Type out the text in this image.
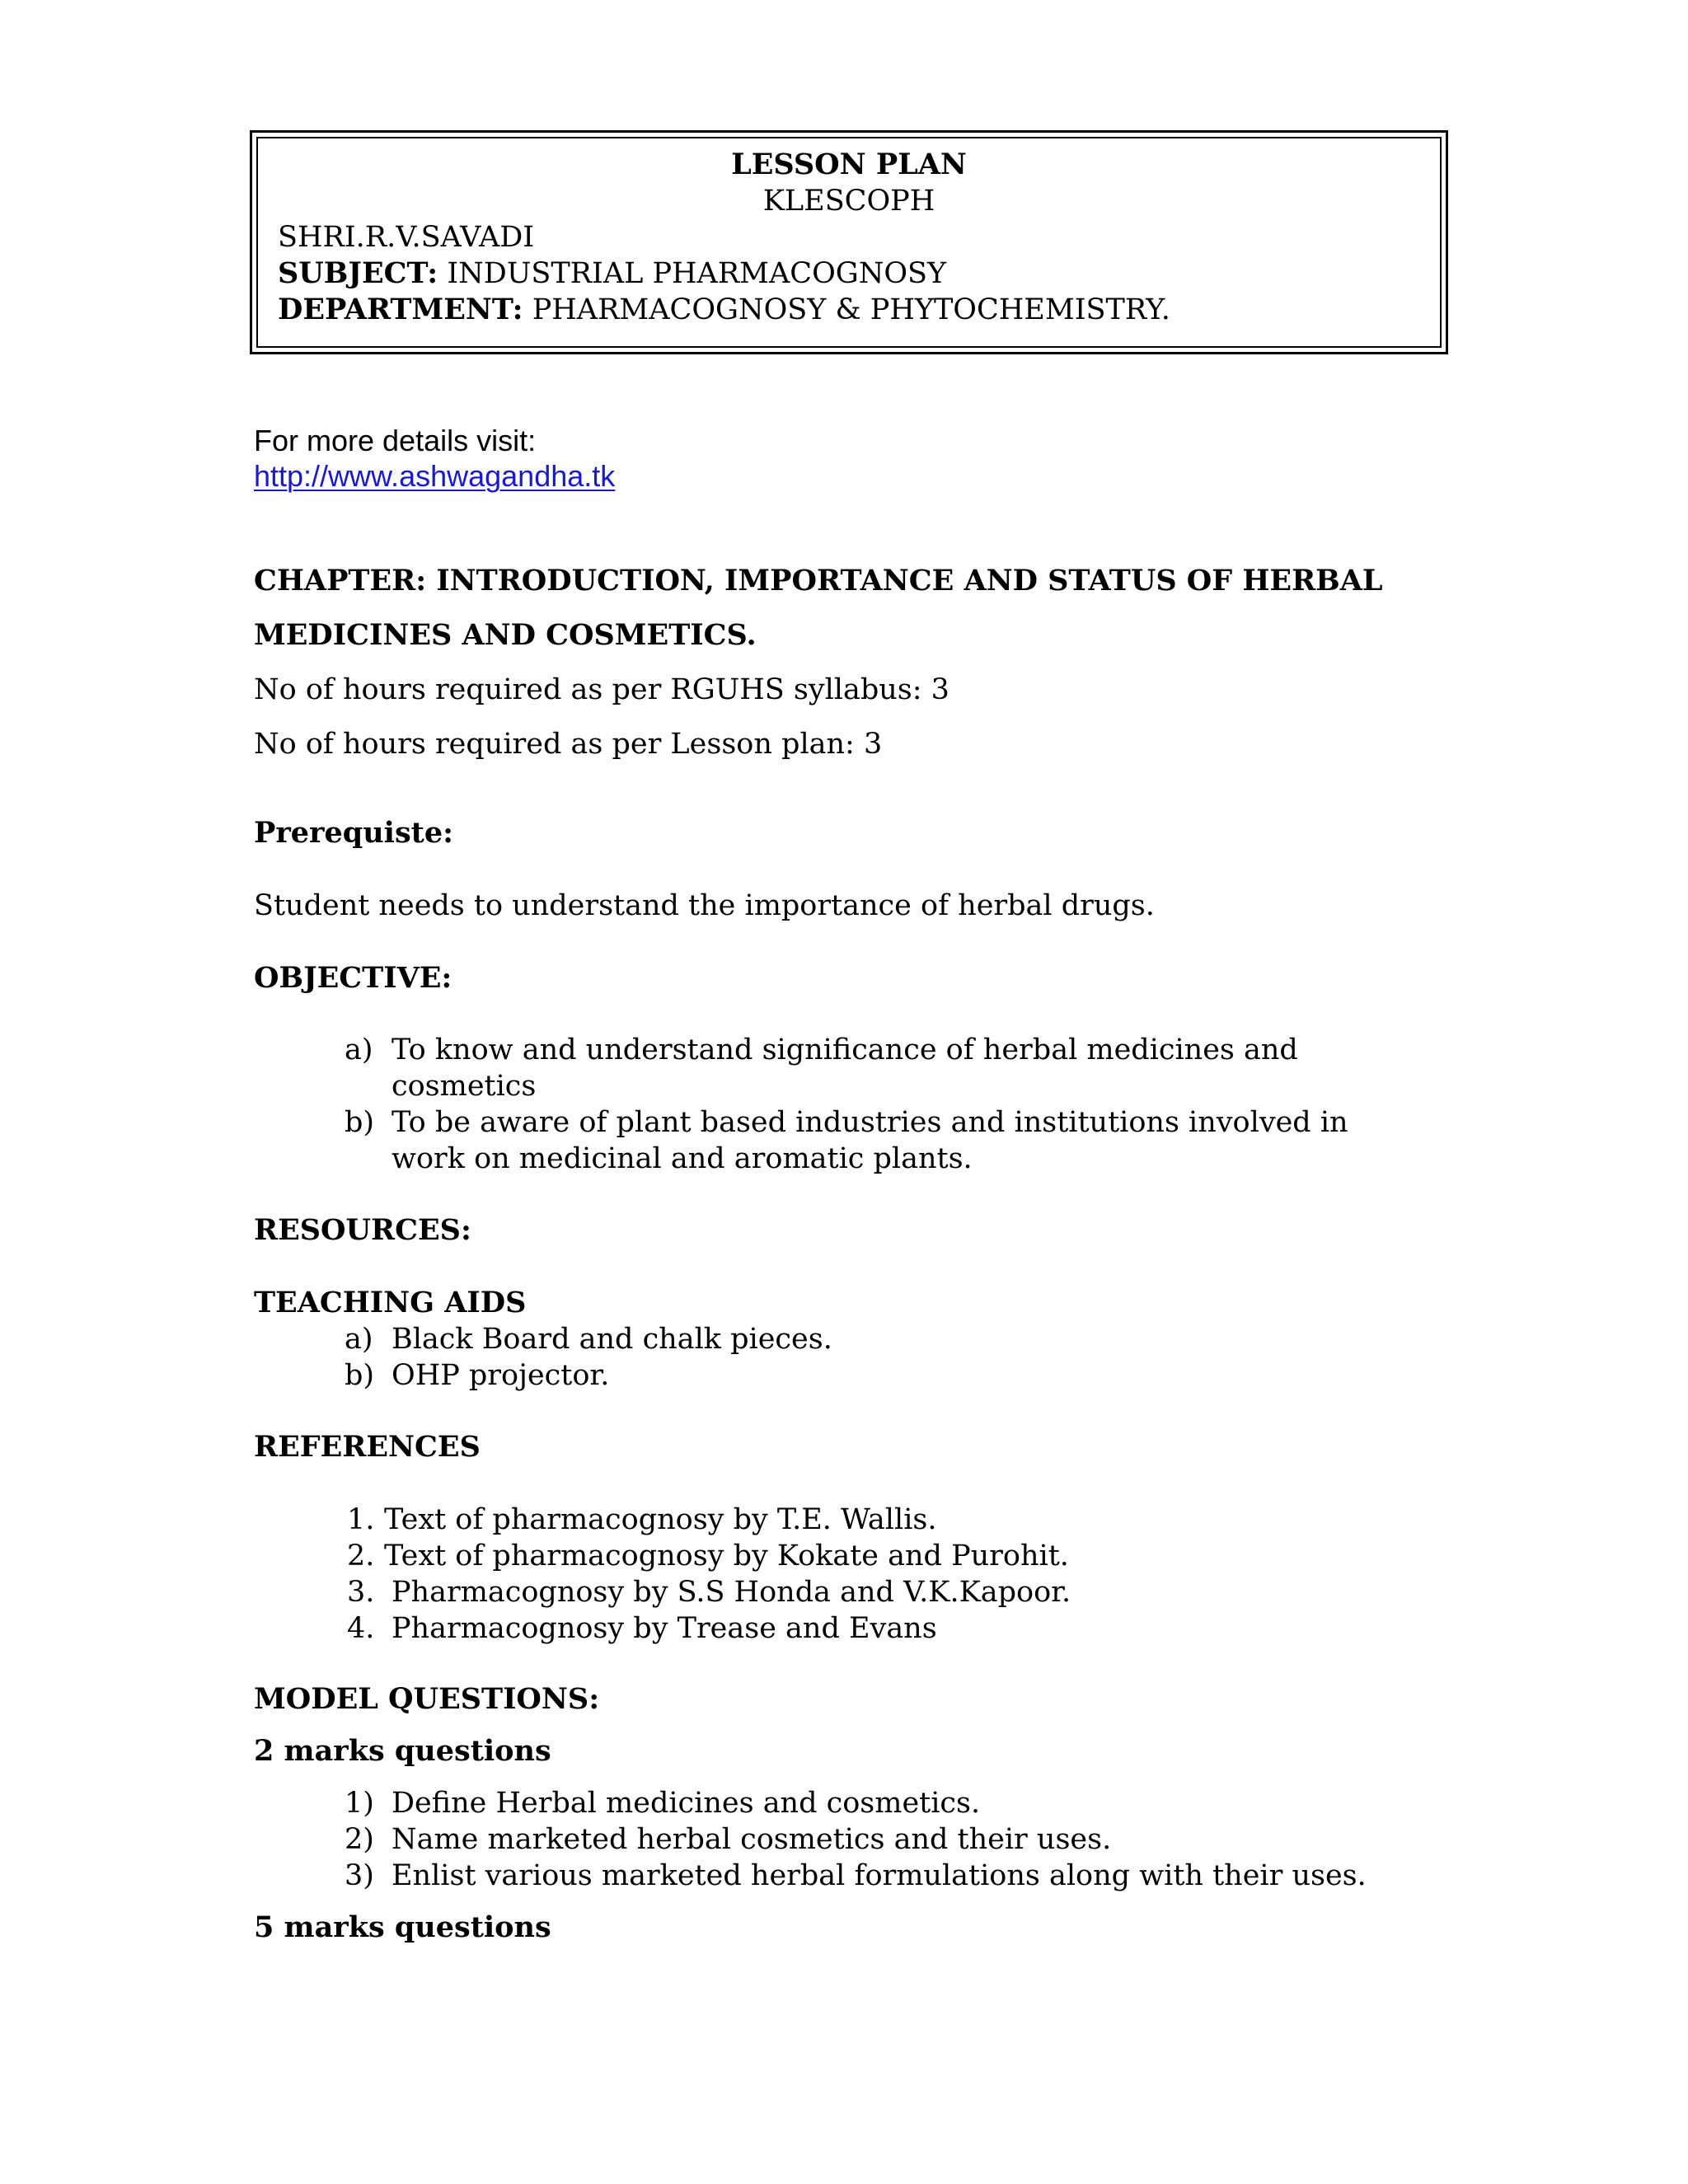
LESSON PLAN
KLESCOPH
SHRI.R.V.SAVADI
SUBJECT: INDUSTRIAL PHARMACOGNOSY
DEPARTMENT: PHARMACOGNOSY & PHYTOCHEMISTRY.
For more details visit:
http://www.ashwagandha.tk
CHAPTER: INTRODUCTION, IMPORTANCE AND STATUS OF HERBAL
MEDICINES AND COSMETICS.
No of hours required as per RGUHS syllabus: 3
No of hours required as per Lesson plan: 3
Prerequiste:
Student needs to understand the importance of herbal drugs.
OBJECTIVE:
a) To know and understand significance of herbal medicines and
cosmetics
b) To be aware of plant based industries and institutions involved in
work on medicinal and aromatic plants.
RESOURCES:
TEACHING AIDS
a) Black Board and chalk pieces.
b) OHP projector.
REFERENCES
1. Text of pharmacognosy by T.E. Wallis.
2. Text of pharmacognosy by Kokate and Purohit.
3. Pharmacognosy by S.S Honda and V.K.Kapoor.
4. Pharmacognosy by Trease and Evans
MODEL QUESTIONS:
2 marks questions
1) Define Herbal medicines and cosmetics.
2) Name marketed herbal cosmetics and their uses.
3) Enlist various marketed herbal formulations along with their uses.
5 marks questions
